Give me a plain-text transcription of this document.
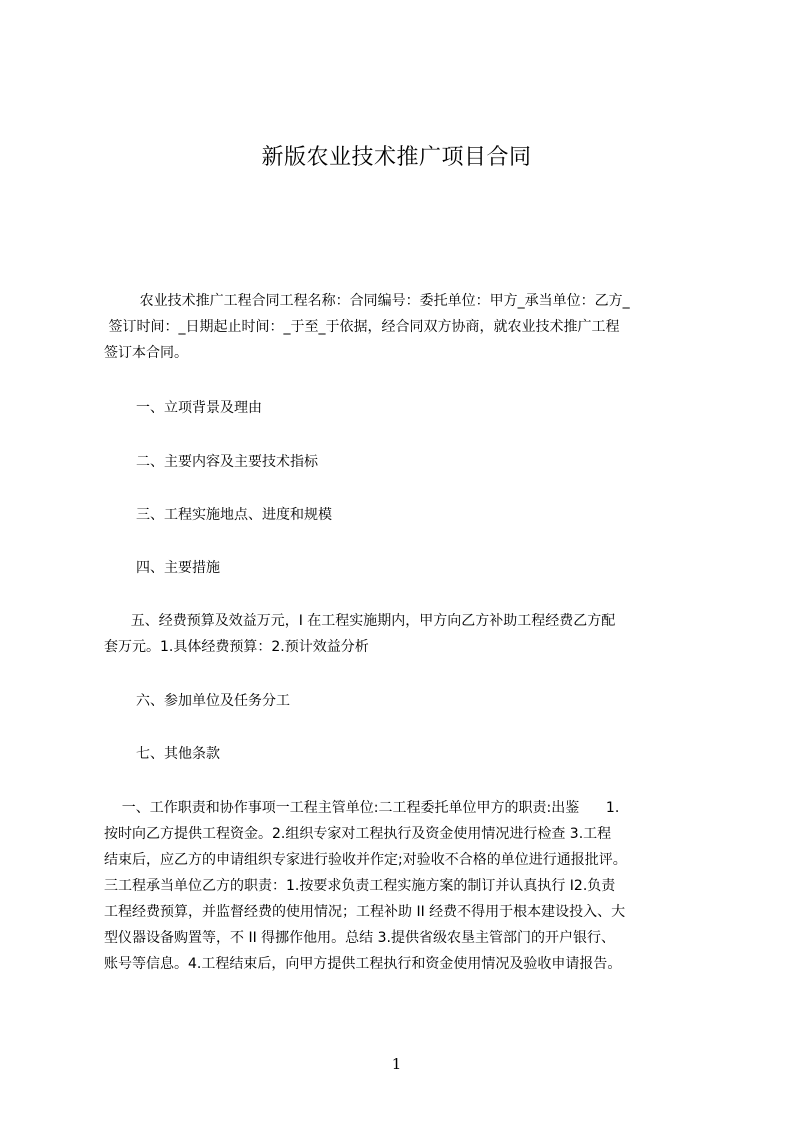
新版农业技术推广项目合同
农业技术推广工程合同工程名称：合同编号：委托单位：甲方_承当单位：乙方_
签订时间：_日期起止时间：_于至_于依据，经合同双方协商，就农业技术推广工程
签订本合同。
一、立项背景及理由
二、主要内容及主要技术指标
三、工程实施地点、进度和规模
四、主要措施
五、经费预算及效益万元，I 在工程实施期内，甲方向乙方补助工程经费乙方配
套万元。1.具体经费预算：2.预计效益分析
六、参加单位及任务分工
七、其他条款
一、工作职责和协作事项一工程主管单位:二工程委托单位甲方的职责:出鉴      1.
按时向乙方提供工程资金。2.组织专家对工程执行及资金使用情况进行检查 3.工程
结束后，应乙方的申请组织专家进行验收并作定;对验收不合格的单位进行通报批评。
三工程承当单位乙方的职责：1.按要求负责工程实施方案的制订并认真执行 I2.负责
工程经费预算，并监督经费的使用情况；工程补助 II 经费不得用于根本建设投入、大
型仪器设备购置等，不 II 得挪作他用。总结 3.提供省级农垦主管部门的开户银行、
账号等信息。4.工程结束后，向甲方提供工程执行和资金使用情况及验收申请报告。
1
